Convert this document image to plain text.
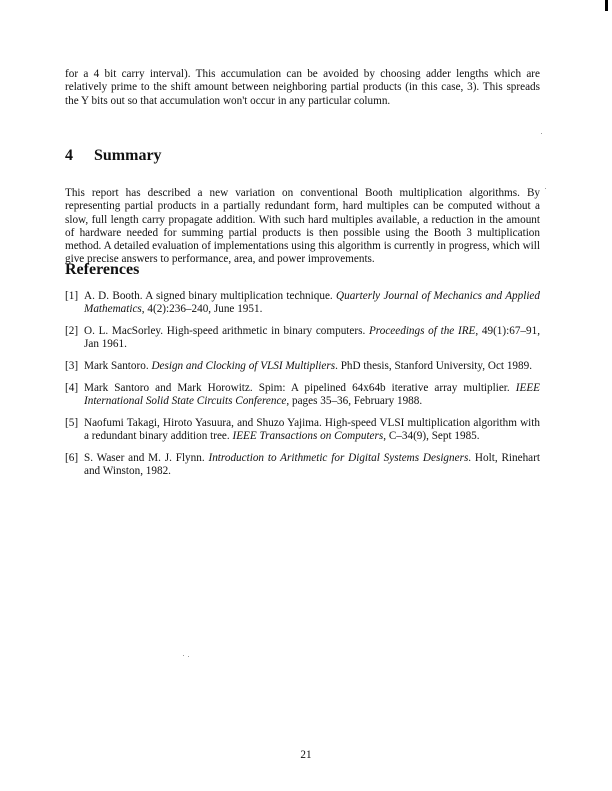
for a 4 bit carry interval). This accumulation can be avoided by choosing adder lengths which are relatively prime to the shift amount between neighboring partial products (in this case, 3). This spreads the Y bits out so that accumulation won't occur in any particular column.
4 Summary
This report has described a new variation on conventional Booth multiplication algorithms. By representing partial products in a partially redundant form, hard multiples can be computed without a slow, full length carry propagate addition. With such hard multiples available, a reduction in the amount of hardware needed for summing partial products is then possible using the Booth 3 multiplication method. A detailed evaluation of implementations using this algorithm is currently in progress, which will give precise answers to performance, area, and power improvements.
References
[1] A. D. Booth. A signed binary multiplication technique. Quarterly Journal of Mechanics and Applied Mathematics, 4(2):236–240, June 1951.
[2] O. L. MacSorley. High-speed arithmetic in binary computers. Proceedings of the IRE, 49(1):67–91, Jan 1961.
[3] Mark Santoro. Design and Clocking of VLSI Multipliers. PhD thesis, Stanford University, Oct 1989.
[4] Mark Santoro and Mark Horowitz. Spim: A pipelined 64x64b iterative array multiplier. IEEE International Solid State Circuits Conference, pages 35–36, February 1988.
[5] Naofumi Takagi, Hiroto Yasuura, and Shuzo Yajima. High-speed VLSI multiplication algorithm with a redundant binary addition tree. IEEE Transactions on Computers, C–34(9), Sept 1985.
[6] S. Waser and M. J. Flynn. Introduction to Arithmetic for Digital Systems Designers. Holt, Rinehart and Winston, 1982.
21
